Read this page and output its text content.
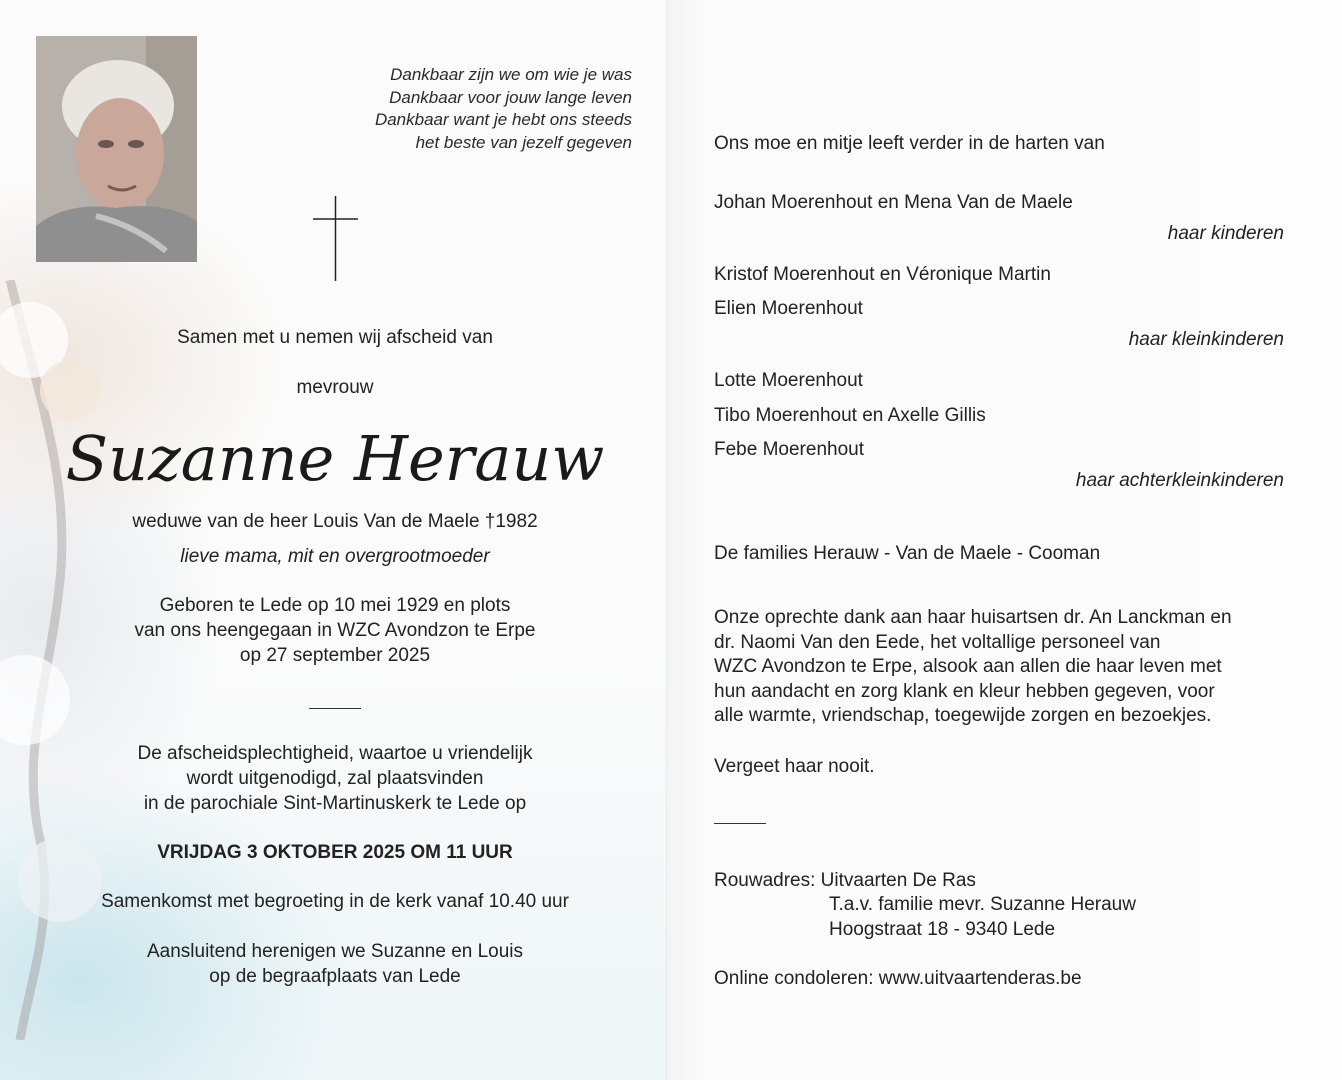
Dankbaar zijn we om wie je was
Dankbaar voor jouw lange leven
Dankbaar want je hebt ons steeds
het beste van jezelf gegeven
Samen met u nemen wij afscheid van
mevrouw
Suzanne Herauw
weduwe van de heer Louis Van de Maele †1982
lieve mama, mit en overgrootmoeder
Geboren te Lede op 10 mei 1929 en plots
van ons heengegaan in WZC Avondzon te Erpe
op 27 september 2025
De afscheidsplechtigheid, waartoe u vriendelijk
wordt uitgenodigd, zal plaatsvinden
in de parochiale Sint-Martinuskerk te Lede op
VRIJDAG 3 OKTOBER 2025 OM 11 UUR
Samenkomst met begroeting in de kerk vanaf 10.40 uur
Aansluitend herenigen we Suzanne en Louis
op de begraafplaats van Lede
Ons moe en mitje leeft verder in de harten van
Johan Moerenhout en Mena Van de Maele
haar kinderen
Kristof Moerenhout en Véronique Martin
Elien Moerenhout
haar kleinkinderen
Lotte Moerenhout
Tibo Moerenhout en Axelle Gillis
Febe Moerenhout
haar achterkleinkinderen
De families Herauw - Van de Maele - Cooman
Onze oprechte dank aan haar huisartsen dr. An Lanckman en
dr. Naomi Van den Eede, het voltallige personeel van
WZC Avondzon te Erpe, alsook aan allen die haar leven met
hun aandacht en zorg klank en kleur hebben gegeven, voor
alle warmte, vriendschap, toegewijde zorgen en bezoekjes.
Vergeet haar nooit.
Rouwadres: Uitvaarten De Ras
T.a.v. familie mevr. Suzanne Herauw
Hoogstraat 18 - 9340 Lede
Online condoleren: www.uitvaartenderas.be
